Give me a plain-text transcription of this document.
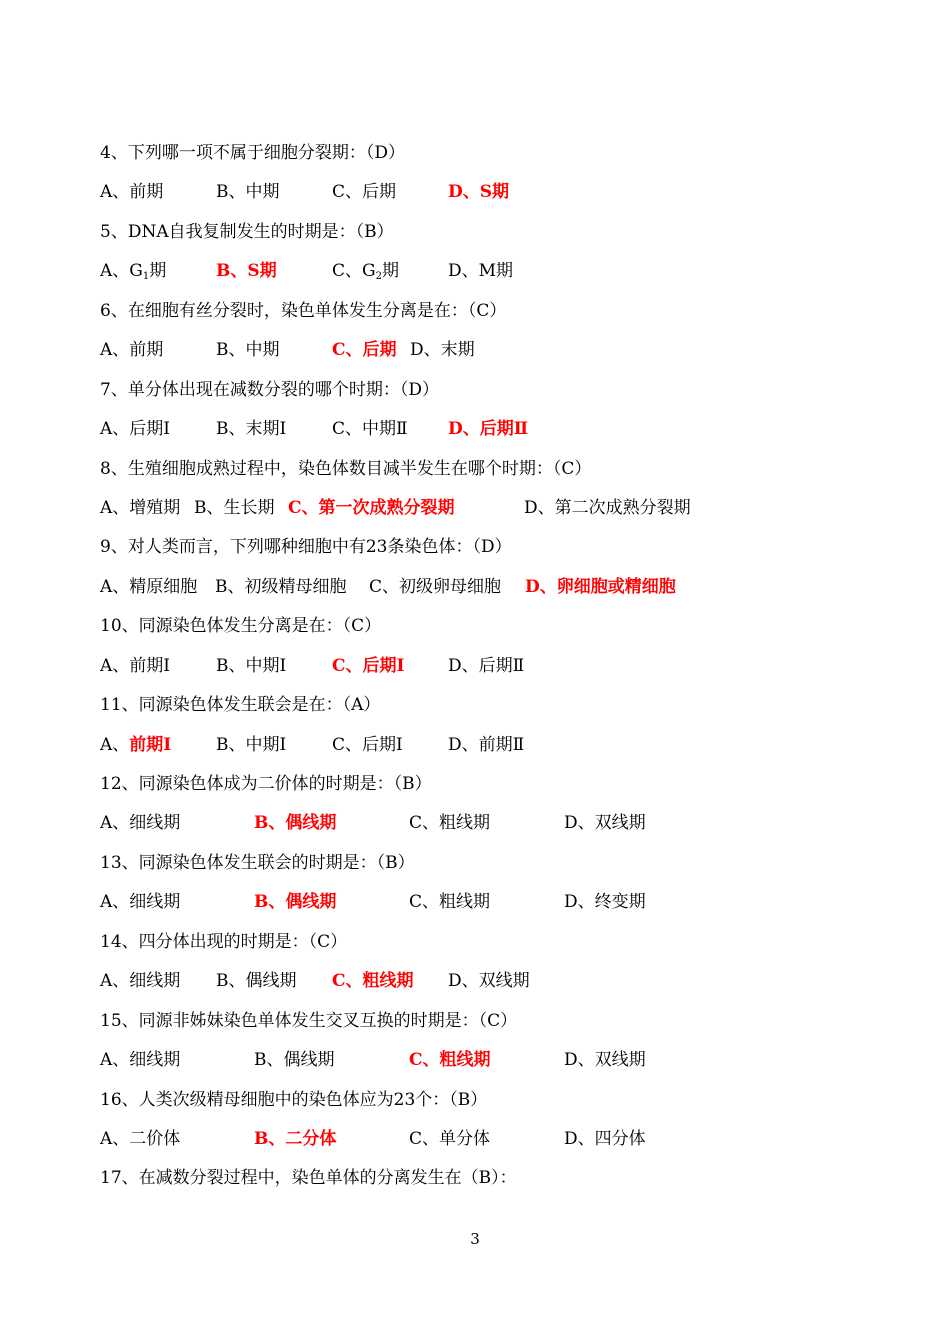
4、下列哪一项不属于细胞分裂期：（D）
A、前期	B、中期	C、后期	D、S期
5、DNA自我复制发生的时期是：（B）
A、$G_1$期	B、S期	C、$G_2$期	D、M期
6、在细胞有丝分裂时，染色单体发生分离是在：（C）
A、前期	B、中期	C、后期 D、末期
7、单分体出现在减数分裂的哪个时期：（D）
A、后期Ⅰ	B、末期Ⅰ	C、中期Ⅱ D、后期Ⅱ
8、生殖细胞成熟过程中，染色体数目减半发生在哪个时期：（C）
A、增殖期 B、生长期 C、第一次成熟分裂期	D、第二次成熟分裂期
9、对人类而言，下列哪种细胞中有23条染色体：（D）
A、精原细胞 B、初级精母细胞 C、初级卵母细胞 D、卵细胞或精细胞
10、同源染色体发生分离是在：（C）
A、前期Ⅰ	B、中期Ⅰ	C、后期Ⅰ	D、后期Ⅱ
11、同源染色体发生联会是在：（A）
A、前期Ⅰ	B、中期Ⅰ	C、后期Ⅰ	D、前期Ⅱ
12、同源染色体成为二价体的时期是：（B）
A、细线期	B、偶线期	C、粗线期	D、双线期
13、同源染色体发生联会的时期是：（B）
A、细线期	B、偶线期	C、粗线期	D、终变期
14、四分体出现的时期是：（C）
A、细线期 B、偶线期 C、粗线期 D、双线期
15、同源非姊妹染色单体发生交叉互换的时期是：（C）
A、细线期	B、偶线期	C、粗线期	D、双线期
16、人类次级精母细胞中的染色体应为23个：（B）
A、二价体	B、二分体	C、单分体	D、四分体
17、在减数分裂过程中，染色单体的分离发生在（B）：
3
